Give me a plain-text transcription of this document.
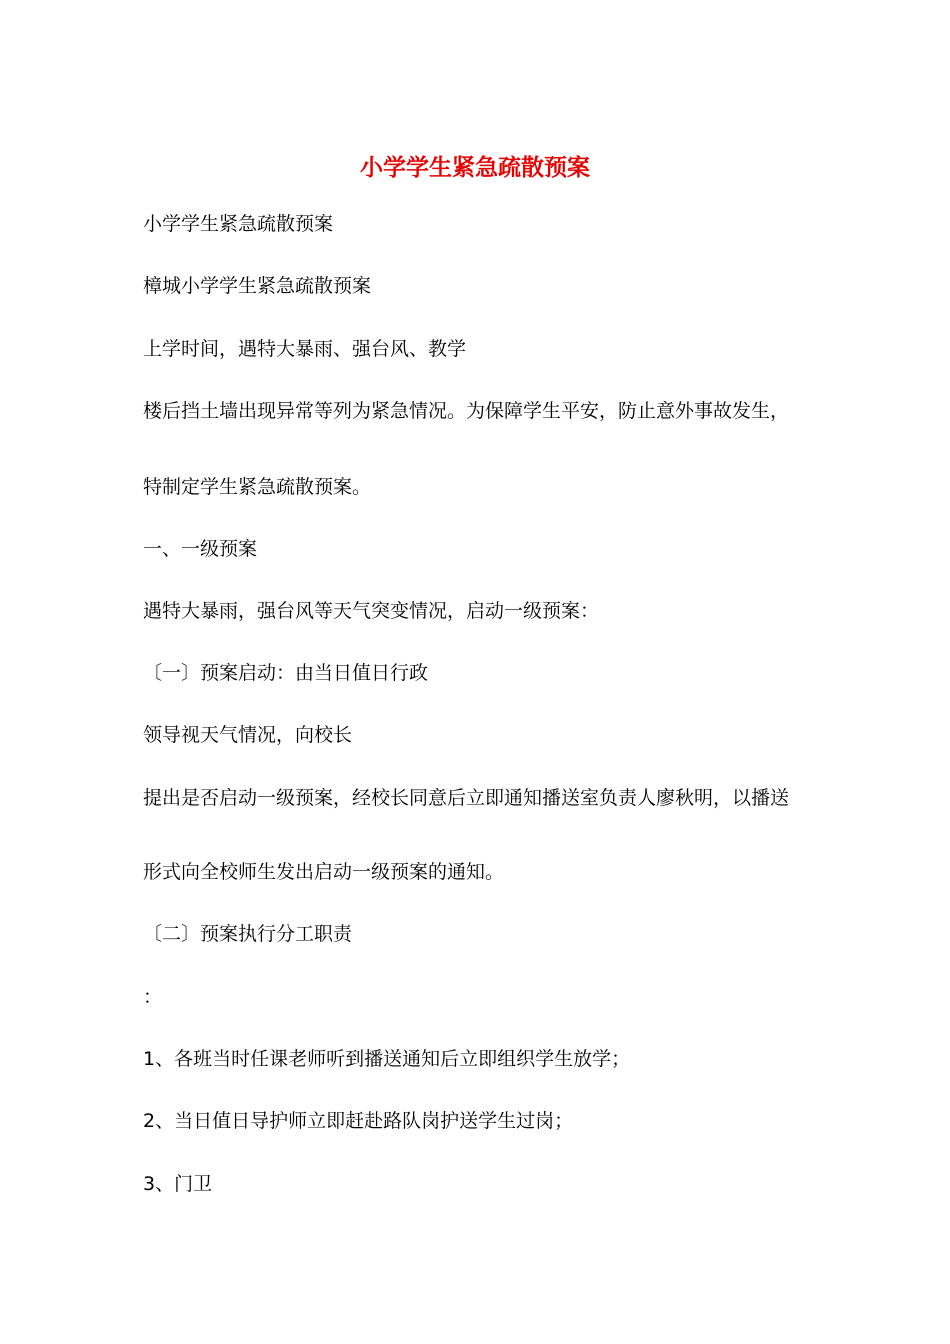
小学学生紧急疏散预案
小学学生紧急疏散预案
樟城小学学生紧急疏散预案
上学时间，遇特大暴雨、强台风、教学
楼后挡土墙出现异常等列为紧急情况。为保障学生平安，防止意外事故发生，
特制定学生紧急疏散预案。
一、一级预案
遇特大暴雨，强台风等天气突变情况，启动一级预案：
〔一〕预案启动：由当日值日行政
领导视天气情况，向校长
提出是否启动一级预案，经校长同意后立即通知播送室负责人廖秋明，以播送
形式向全校师生发出启动一级预案的通知。
〔二〕预案执行分工职责
：
1、各班当时任课老师听到播送通知后立即组织学生放学；
2、当日值日导护师立即赶赴路队岗护送学生过岗；
3、门卫
